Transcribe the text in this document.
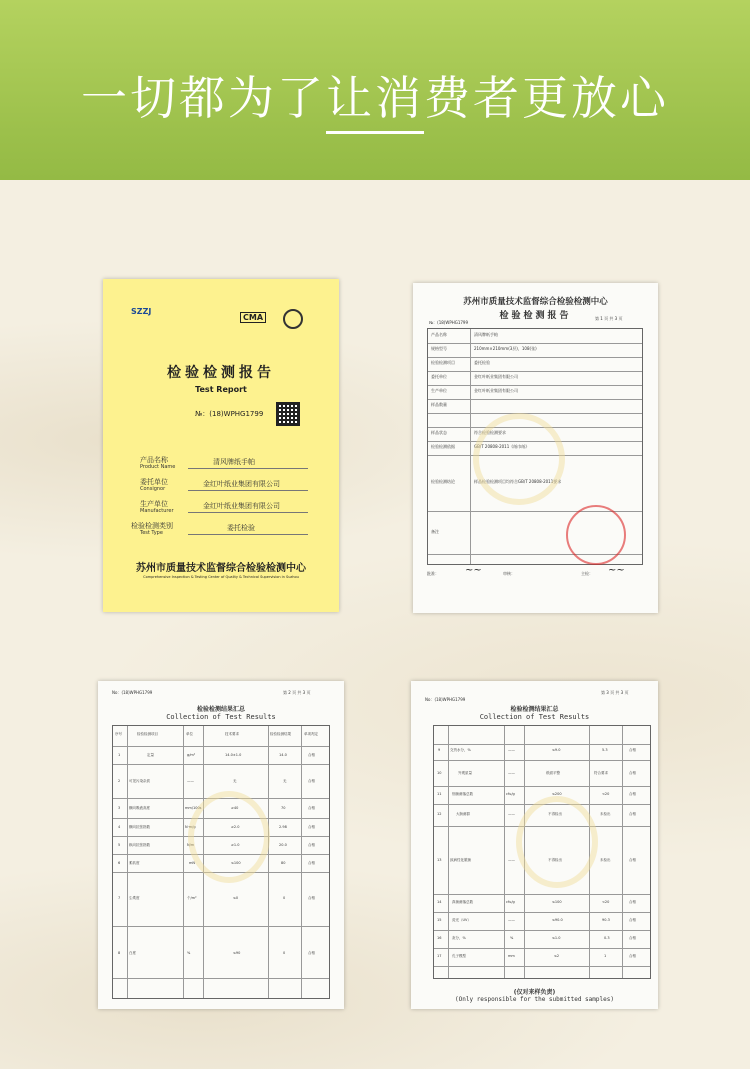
一切都为了让消费者更放心
SZZJ
CMA
检验检测报告
Test Report
№：(18)WPHG1799
产品名称
Product Name
清风牌纸手帕
委托单位
Consignor
金红叶纸业集团有限公司
生产单位
Manufacturer
金红叶纸业集团有限公司
检验检测类别
Test Type
委托检验
苏州市质量技术监督综合检验检测中心
Comprehensive Inspection & Testing Center of Quality & Technical Supervision in Suzhou
苏州市质量技术监督综合检验检测中心
检验检测报告
№：(18)WPHG1799
第 1 页 共 3 页
产品名称	清风牌纸手帕
规格型号	210mm×210mm(3层)，108(张)
检验检测项目	委托检验
委托单位	金红叶纸业集团有限公司
生产单位	金红叶纸业集团有限公司
样品数量
样品状态	符合检验检测要求
检验检测依据	GB/T 20808-2011《纸巾纸》
检验检测结论	样品检验检测项目均符合GB/T 20808-2011要求
备注
批准：	审核：	主检：
~~	~~
No：(18)WPHG1799	第 2 页 共 3 页
检验检测结果汇总
Collection of Test Results
序号	检验检测项目	单位	技术要求	检验检测结果	单项判定
1	定量	g/m²	14.0±1.0	14.0	合格
2	可见污染杂质	——	无	无	合格
3	横向吸液高度	mm/100s	≥40	70	合格
4	横向抗张指数	N·m/g	≥2.0	2.98	合格
5	纵向抗张指数	N/m	≥1.0	20.0	合格
6	柔软度	mN	≤100	80	合格
7	尘埃度	个/m²	≤0	0	合格
8	白度	%	≤90	0	合格
No：(18)WPHG1799
第 3 页 共 3 页
检验检测结果汇总
Collection of Test Results
9	交货水分，%	——	≤9.0	5.3	合格
10	外观质量	——	纸面平整	符合要求	合格
11	细菌菌落总数	cfu/g	≤200	<20	合格
12	大肠菌群	——	不得检出	未检出	合格
13 致病性化脓菌	——	不得检出	未检出	合格
14	真菌菌落总数	cfu/g	≤100	<20	合格
15	荧光（UV）	——	≤90.0	90.3	合格
16	灰分，%	%	≤1.0	0.3	合格
17	孔子模型	mm	≤2	1	合格
(仅对来样负责)
(Only responsible for the submitted samples)
